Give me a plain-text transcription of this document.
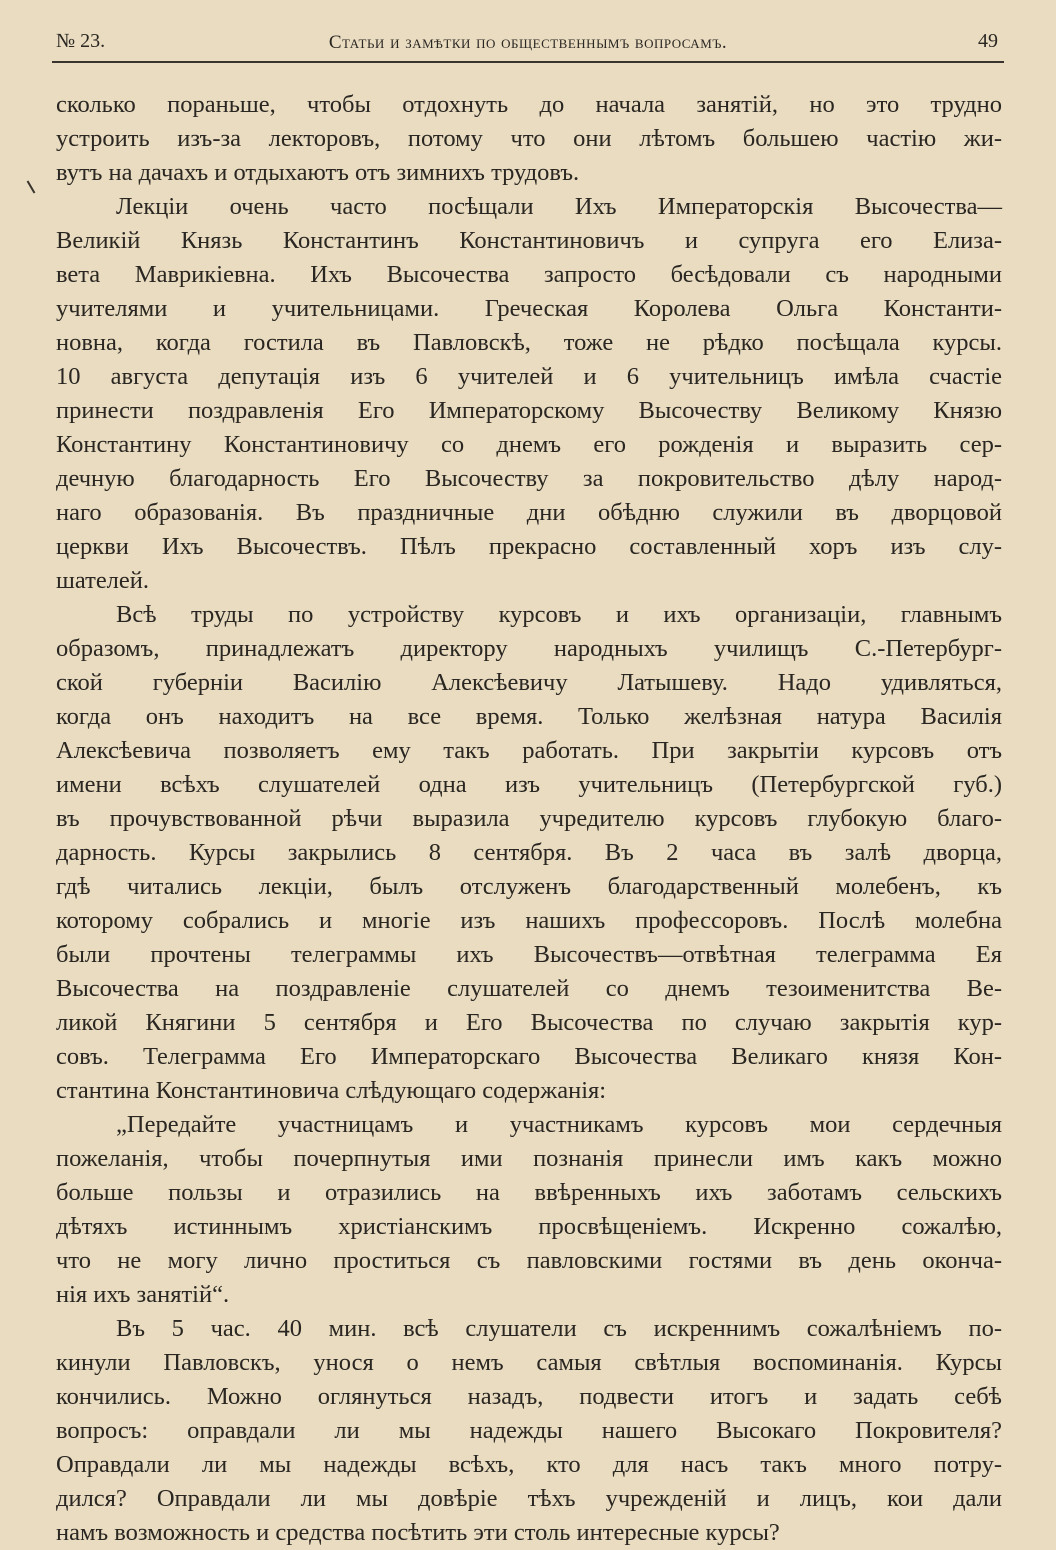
№ 23.	Статьи и замѣтки по общественнымъ вопросамъ.	49
сколько пораньше, чтобы отдохнуть до начала занятій, но это трудно
устроить изъ-за лекторовъ, потому что они лѣтомъ большею частію жи-
вутъ на дачахъ и отдыхаютъ отъ зимнихъ трудовъ.
Лекціи очень часто посѣщали Ихъ Императорскія Высочества—
Великій Князь Константинъ Константиновичъ и супруга его Елиза-
вета Маврикіевна. Ихъ Высочества запросто бесѣдовали съ народными
учителями и учительницами. Греческая Королева Ольга Константи-
новна, когда гостила въ Павловскѣ, тоже не рѣдко посѣщала курсы.
10 августа депутація изъ 6 учителей и 6 учительницъ имѣла счастіе
принести поздравленія Его Императорскому Высочеству Великому Князю
Константину Константиновичу со днемъ его рожденія и выразить сер-
дечную благодарность Его Высочеству за покровительство дѣлу народ-
наго образованія. Въ праздничные дни обѣдню служили въ дворцовой
церкви Ихъ Высочествъ. Пѣлъ прекрасно составленный хоръ изъ слу-
шателей.
Всѣ труды по устройству курсовъ и ихъ организаціи, главнымъ
образомъ, принадлежатъ директору народныхъ училищъ С.-Петербург-
ской губерніи Василію Алексѣевичу Латышеву. Надо удивляться,
когда онъ находитъ на все время. Только желѣзная натура Василія
Алексѣевича позволяетъ ему такъ работать. При закрытіи курсовъ отъ
имени всѣхъ слушателей одна изъ учительницъ (Петербургской губ.)
въ прочувствованной рѣчи выразила учредителю курсовъ глубокую благо-
дарность. Курсы закрылись 8 сентября. Въ 2 часа въ залѣ дворца,
гдѣ читались лекціи, былъ отслуженъ благодарственный молебенъ, къ
которому собрались и многіе изъ нашихъ профессоровъ. Послѣ молебна
были прочтены телеграммы ихъ Высочествъ—отвѣтная телеграмма Ея
Высочества на поздравленіе слушателей со днемъ тезоименитства Ве-
ликой Княгини 5 сентября и Его Высочества по случаю закрытія кур-
совъ. Телеграмма Его Императорскаго Высочества Великаго князя Кон-
стантина Константиновича слѣдующаго содержанія:
„Передайте участницамъ и участникамъ курсовъ мои сердечныя
пожеланія, чтобы почерпнутыя ими познанія принесли имъ какъ можно
больше пользы и отразились на ввѣренныхъ ихъ заботамъ сельскихъ
дѣтяхъ истиннымъ христіанскимъ просвѣщеніемъ. Искренно сожалѣю,
что не могу лично проститься съ павловскими гостями въ день оконча-
нія ихъ занятій“.
Въ 5 час. 40 мин. всѣ слушатели съ искреннимъ сожалѣніемъ по-
кинули Павловскъ, унося о немъ самыя свѣтлыя воспоминанія. Курсы
кончились. Можно оглянуться назадъ, подвести итогъ и задать себѣ
вопросъ: оправдали ли мы надежды нашего Высокаго Покровителя?
Оправдали ли мы надежды всѣхъ, кто для насъ такъ много потру-
дился? Оправдали ли мы довѣріе тѣхъ учрежденій и лицъ, кои дали
намъ возможность и средства посѣтить эти столь интересные курсы?
